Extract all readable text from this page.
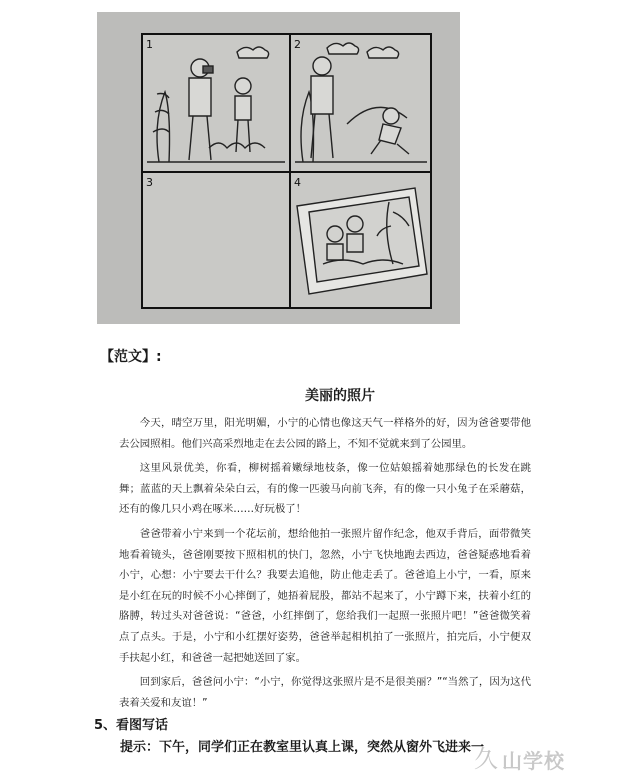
1	2
3	4
【范文】:
美丽的照片

今天，晴空万里，阳光明媚，小宁的心情也像这天气一样格外的好，因为爸爸要带他去公园照相。他们兴高采烈地走在去公园的路上，不知不觉就来到了公园里。

这里风景优美，你看，柳树摇着嫩绿地枝条，像一位姑娘摇着她那绿色的长发在跳舞；蓝蓝的天上飘着朵朵白云，有的像一匹骏马向前飞奔，有的像一只小兔子在采蘑菇，还有的像几只小鸡在啄米……好玩极了！

爸爸带着小宁来到一个花坛前，想给他拍一张照片留作纪念，他双手背后，面带微笑地看着镜头，爸爸刚要按下照相机的快门，忽然，小宁飞快地跑去西边，爸爸疑惑地看着小宁，心想：小宁要去干什么？我要去追他，防止他走丢了。爸爸追上小宁，一看，原来是小红在玩的时候不小心摔倒了，她捂着屁股，都站不起来了，小宁蹲下来，扶着小红的胳膊，转过头对爸爸说：“爸爸，小红摔倒了，您给我们一起照一张照片吧！”爸爸微笑着点了点头。于是，小宁和小红摆好姿势，爸爸举起相机拍了一张照片，拍完后，小宁便双手扶起小红，和爸爸一起把她送回了家。

回到家后，爸爸问小宁：“小宁，你觉得这张照片是不是很美丽？”“当然了，因为这代表着关爱和友谊！”

5、看图写话
提示：下午，同学们正在教室里认真上课，突然从窗外飞进来一
久 山学校
